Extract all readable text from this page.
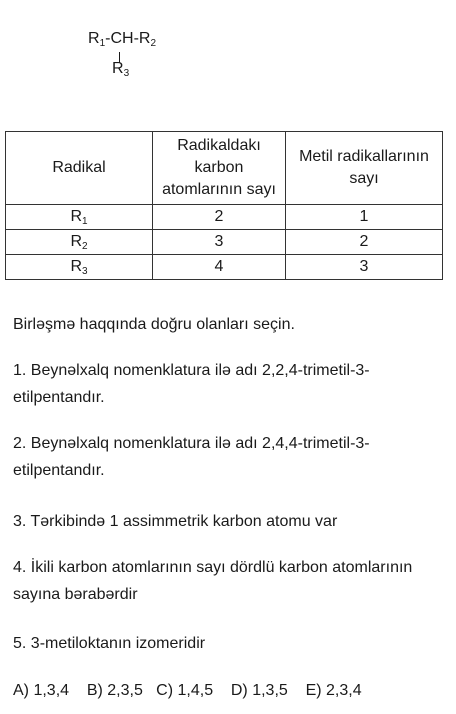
$R_1-CH-R_2$
$R_3$
Radikal	Radikaldakı karbon atomlarının sayı	Metil radikallarının sayı
$R_1$	2	1
$R_2$	3	2
$R_3$	4	3
Birləşmə haqqında doğru olanları seçin.
1. Beynəlxalq nomenklatura ilə adı 2,2,4-trimetil-3-etilpentandır.
2. Beynəlxalq nomenklatura ilə adı 2,4,4-trimetil-3-etilpentandır.
3. Tərkibində 1 assimmetrik karbon atomu var
4. İkili karbon atomlarının sayı dördlü karbon atomlarının sayına bərabərdir
5. 3-metiloktanın izomeridir
A) 1,3,4    B) 2,3,5   C) 1,4,5    D) 1,3,5    E) 2,3,4
